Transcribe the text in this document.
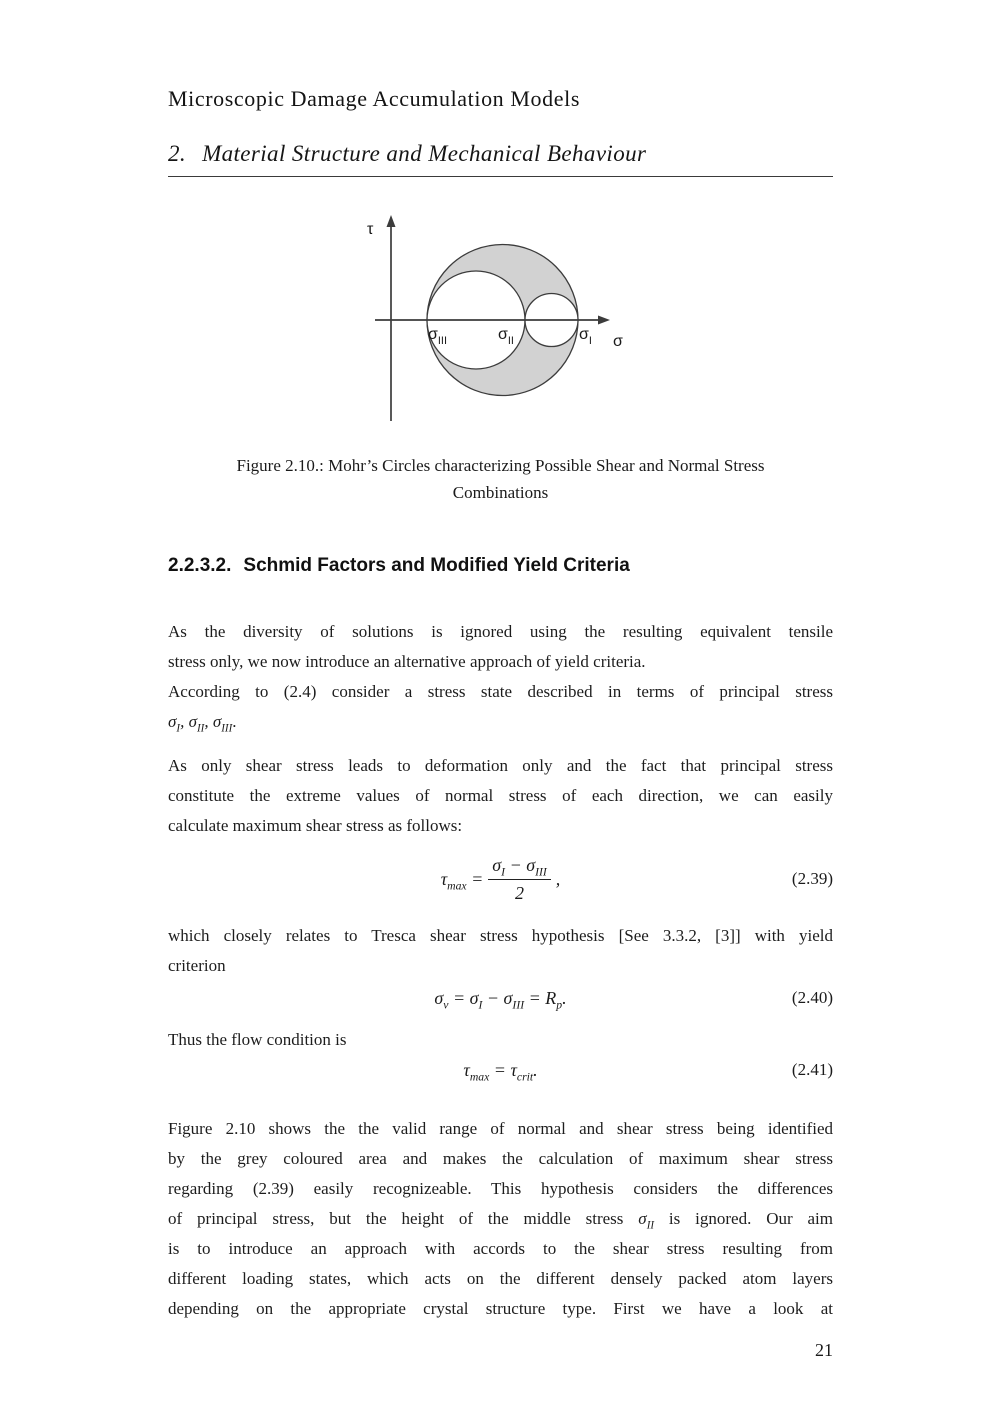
Microscopic Damage Accumulation Models
2. Material Structure and Mechanical Behaviour
τ
σ
$\sigma_{III}$	$\sigma_{II}$	$\sigma_I$
Figure 2.10.: Mohr’s Circles characterizing Possible Shear and Normal Stress
Combinations
2.2.3.2. Schmid Factors and Modified Yield Criteria
As the diversity of solutions is ignored using the resulting equivalent tensile
stress only, we now introduce an alternative approach of yield criteria.
According to (2.4) consider a stress state described in terms of principal stress
$\sigma_I$, $\sigma_{II}$, $\sigma_{III}$.
As only shear stress leads to deformation only and the fact that principal stress
constitute the extreme values of normal stress of each direction, we can easily
calculate maximum shear stress as follows:
$\tau_{max} = \frac{\sigma_I - \sigma_{III}}{2}$ ,	(2.39)
which closely relates to Tresca shear stress hypothesis [See 3.3.2, [3]] with yield
criterion
$\sigma_v = \sigma_I - \sigma_{III} = R_p$.	(2.40)
Thus the flow condition is
$\tau_{max} = \tau_{crit}$.	(2.41)
Figure 2.10 shows the the valid range of normal and shear stress being identified
by the grey coloured area and makes the calculation of maximum shear stress
regarding (2.39) easily recognizeable. This hypothesis considers the differences
of principal stress, but the height of the middle stress $\sigma_{II}$ is ignored. Our aim
is to introduce an approach with accords to the shear stress resulting from
different loading states, which acts on the different densely packed atom layers
depending on the appropriate crystal structure type. First we have a look at
21
